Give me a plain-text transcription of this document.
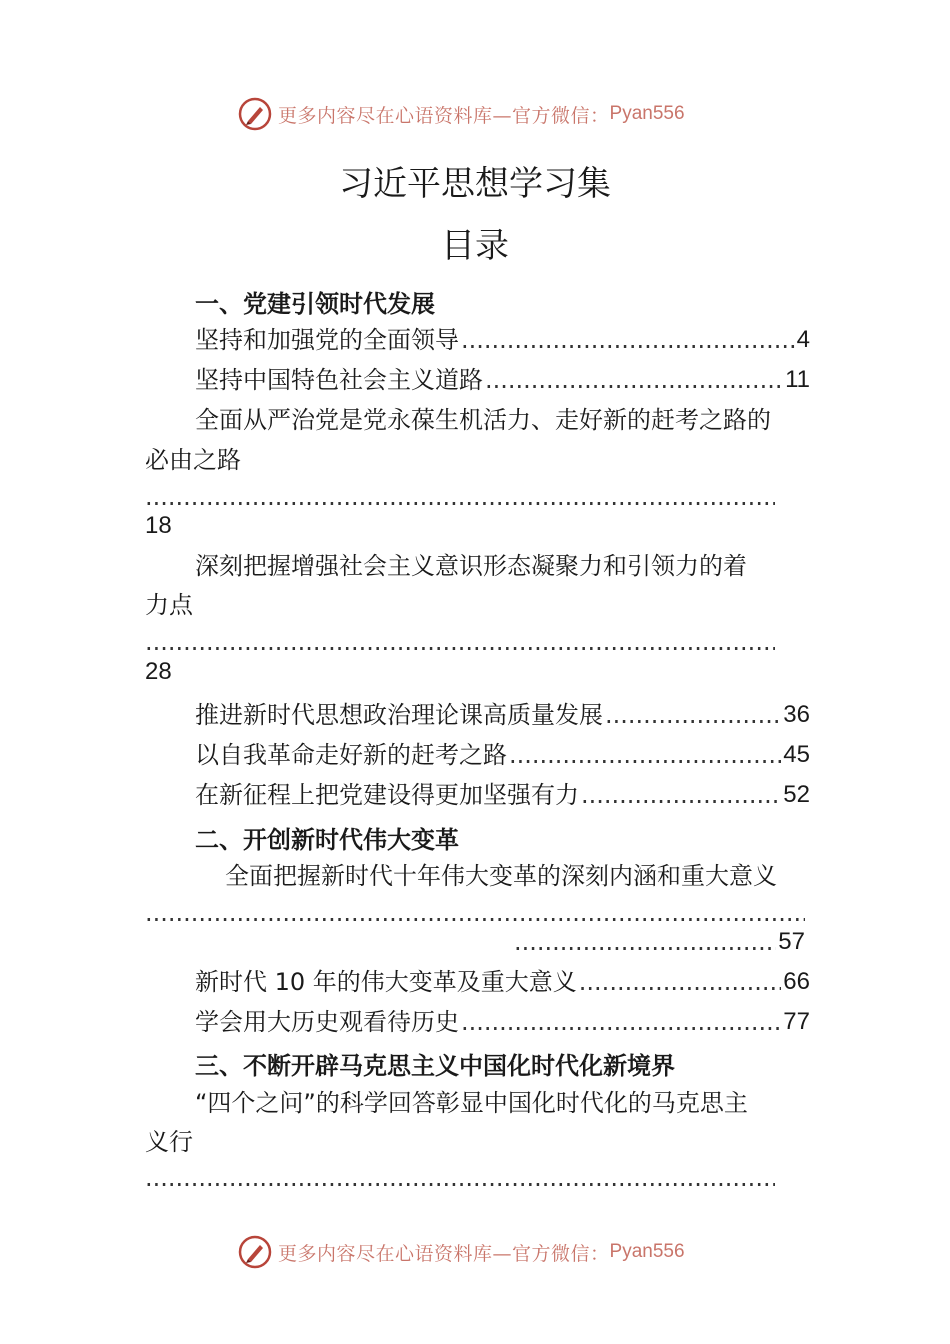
更多内容尽在心语资料库—官方微信： Pyan556
习近平思想学习集
目录
一、党建引领时代发展
坚持和加强党的全面领导 .....	4
坚持中国特色社会主义道路 .....	11
全面从严治党是党永葆生机活力、走好新的赶考之路的
必由之路
.....
18
深刻把握增强社会主义意识形态凝聚力和引领力的着
力点
.....
28
推进新时代思想政治理论课高质量发展 .....	36
以自我革命走好新的赶考之路 .....	45
在新征程上把党建设得更加坚强有力 .....	52
二、开创新时代伟大变革
全面把握新时代十年伟大变革的深刻内涵和重大意义
.....
.....
57
新时代 10 年的伟大变革及重大意义 .....	66
学会用大历史观看待历史 .....	77
三、不断开辟马克思主义中国化时代化新境界
“四个之问”的科学回答彰显中国化时代化的马克思主
义行
.....
更多内容尽在心语资料库—官方微信： Pyan556
